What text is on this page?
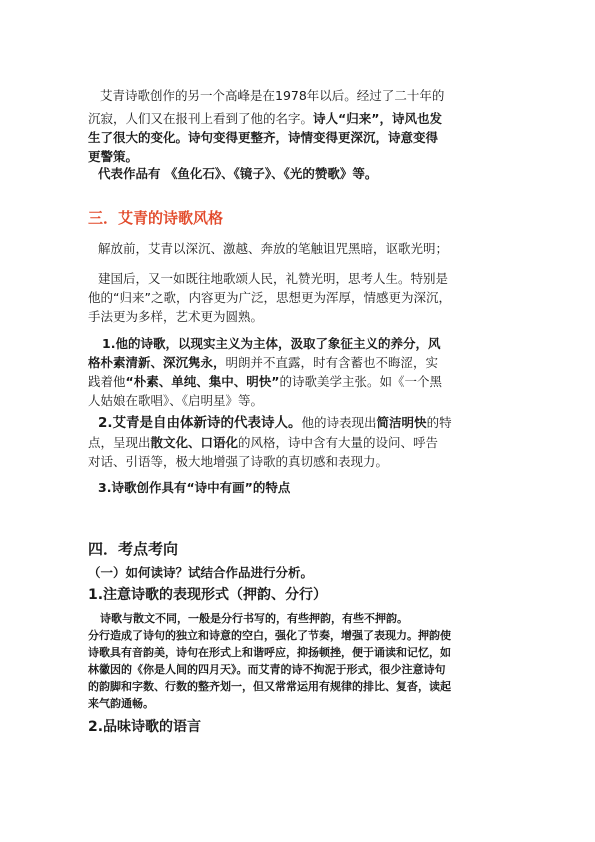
艾青诗歌创作的另一个高峰是在1978年以后。经过了二十年的
沉寂，人们又在报刊上看到了他的名字。诗人“归来”，诗风也发
生了很大的变化。诗句变得更整齐，诗情变得更深沉，诗意变得
更警策。

代表作品有 《鱼化石》、《镜子》、《光的赞歌》等。

三．艾青的诗歌风格

解放前，艾青以深沉、激越、奔放的笔触诅咒黑暗，讴歌光明；

建国后，又一如既往地歌颂人民，礼赞光明，思考人生。特别是
他的“归来”之歌，内容更为广泛，思想更为浑厚，情感更为深沉，
手法更为多样，艺术更为圆熟。

1.他的诗歌，以现实主义为主体，汲取了象征主义的养分，风
格朴素清新、深沉隽永，明朗并不直露，时有含蓄也不晦涩，实
践着他“朴素、单纯、集中、明快”的诗歌美学主张。如《一个黑
人姑娘在歌唱》、《启明星》等。

2.艾青是自由体新诗的代表诗人。他的诗表现出简洁明快的特
点，呈现出散文化、口语化的风格，诗中含有大量的设问、呼告
对话、引语等，极大地增强了诗歌的真切感和表现力。

3.诗歌创作具有“诗中有画”的特点

四．考点考向
（一）如何读诗？试结合作品进行分析。
1.注意诗歌的表现形式（押韵、分行）

诗歌与散文不同，一般是分行书写的，有些押韵，有些不押韵。
分行造成了诗句的独立和诗意的空白，强化了节奏，增强了表现力。押韵使
诗歌具有音韵美，诗句在形式上和谐呼应，抑扬顿挫，便于诵读和记忆，如
林徽因的《你是人间的四月天》。而艾青的诗不拘泥于形式，很少注意诗句
的韵脚和字数、行数的整齐划一，但又常常运用有规律的排比、复沓，读起
来气韵通畅。

2.品味诗歌的语言
